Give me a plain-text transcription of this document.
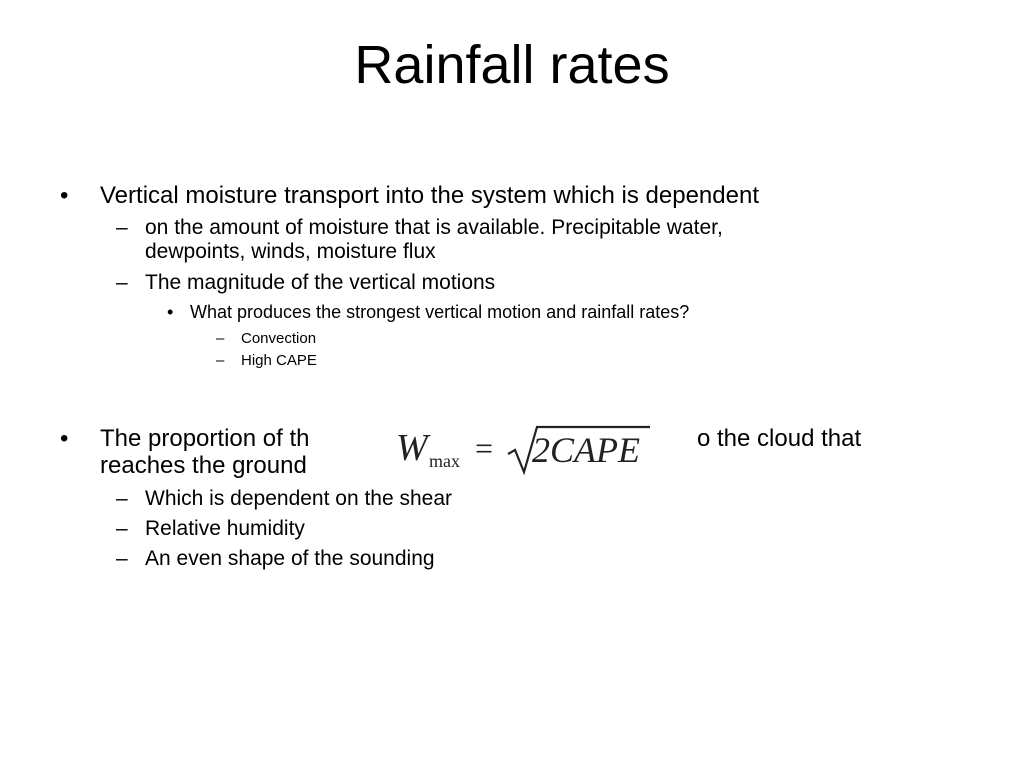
Rainfall rates
• Vertical moisture transport into the system which is dependent
– on the amount of moisture that is available. Precipitable water,
dewpoints, winds, moisture flux
– The magnitude of the vertical motions
• What produces the strongest vertical motion and rainfall rates?
– Convection
– High CAPE
• The proportion of th	o the cloud that
reaches the ground
– Which is dependent on the shear
– Relative humidity
– An even shape of the sounding
W max = 2CAPE
